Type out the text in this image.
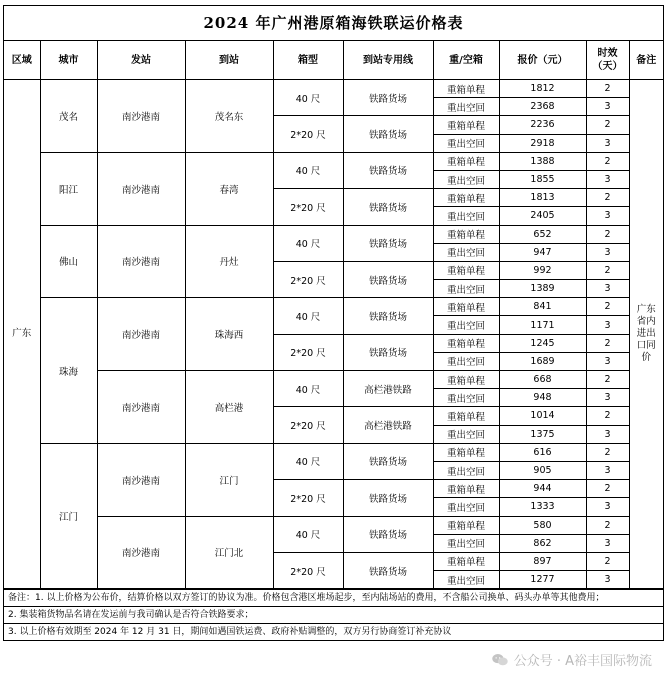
2024 年广州港原箱海铁联运价格表
区域	城市	发站	到站	箱型	到站专用线	重/空箱	报价（元）	时效（天）	备注
广东	茂名	南沙港南	茂名东	40 尺	铁路货场	重箱单程	1812	2	广东省内进出口同价
						重出空回	2368	3	
				2*20 尺	铁路货场	重箱单程	2236	2	
						重出空回	2918	3	
	阳江	南沙港南	春湾	40 尺	铁路货场	重箱单程	1388	2	
						重出空回	1855	3	
				2*20 尺	铁路货场	重箱单程	1813	2	
						重出空回	2405	3	
	佛山	南沙港南	丹灶	40 尺	铁路货场	重箱单程	652	2	
						重出空回	947	3	
				2*20 尺	铁路货场	重箱单程	992	2	
						重出空回	1389	3	
	珠海	南沙港南	珠海西	40 尺	铁路货场	重箱单程	841	2	
						重出空回	1171	3	
				2*20 尺	铁路货场	重箱单程	1245	2	
						重出空回	1689	3	
		南沙港南	高栏港	40 尺	高栏港铁路	重箱单程	668	2	
						重出空回	948	3	
				2*20 尺	高栏港铁路	重箱单程	1014	2	
						重出空回	1375	3	
	江门	南沙港南	江门	40 尺	铁路货场	重箱单程	616	2	
						重出空回	905	3	
				2*20 尺	铁路货场	重箱单程	944	2	
						重出空回	1333	3	
		南沙港南	江门北	40 尺	铁路货场	重箱单程	580	2	
						重出空回	862	3	
				2*20 尺	铁路货场	重箱单程	897	2	
						重出空回	1277	3	
备注：1. 以上价格为公布价，结算价格以双方签订的协议为准。价格包含港区堆场起步，至内陆场站的费用，不含船公司换单、码头办单等其他费用；
2. 集装箱货物品名请在发运前与我司确认是否符合铁路要求；
3. 以上价格有效期至 2024 年 12 月 31 日，期间如遇国铁运费、政府补贴调整的，双方另行协商签订补充协议
公众号 · A裕丰国际物流
